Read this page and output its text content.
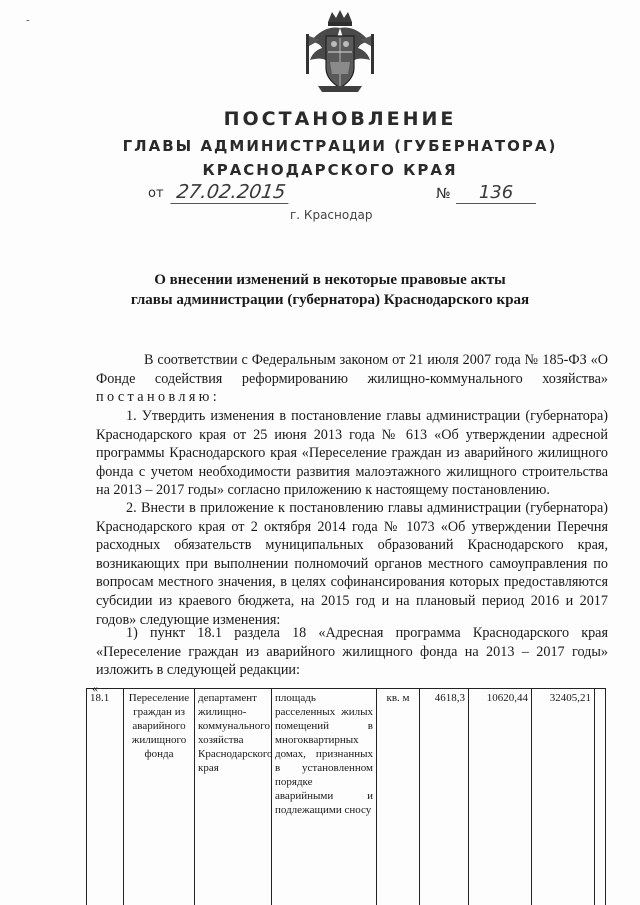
-
ПОСТАНОВЛЕНИЕ
ГЛАВЫ АДМИНИСТРАЦИИ (ГУБЕРНАТОРА)
КРАСНОДАРСКОГО КРАЯ
от 27.02.2015	№	136
г. Краснодар
О внесении изменений в некоторые правовые акты
главы администрации (губернатора) Краснодарского края
В соответствии с Федеральным законом от 21 июля 2007 года № 185-ФЗ «О Фонде содействия реформированию жилищно-коммунального хозяйства» постановляю:
1. Утвердить изменения в постановление главы администрации (губернатора) Краснодарского края от 25 июня 2013 года № 613 «Об утверждении адресной программы Краснодарского края «Переселение граждан из аварийного жилищного фонда с учетом необходимости развития малоэтажного жилищного строительства на 2013 – 2017 годы» согласно приложению к настоящему постановлению.
2. Внести в приложение к постановлению главы администрации (губернатора) Краснодарского края от 2 октября 2014 года № 1073 «Об утверждении Перечня расходных обязательств муниципальных образований Краснодарского края, возникающих при выполнении полномочий органов местного самоуправления по вопросам местного значения, в целях софинансирования которых предоставляются субсидии из краевого бюджета, на 2015 год и на плановый период 2016 и 2017 годов» следующие изменения:
1) пункт 18.1 раздела 18 «Адресная программа Краснодарского края «Переселение граждан из аварийного жилищного фонда на 2013 – 2017 годы» изложить в следующей редакции:
«
18.1	Переселение граждан из аварийного жилищного фонда	департамент жилищно-коммунального хозяйства Краснодарского края	площадь расселенных жилых помещений в многоквартирных домах, признанных в установленном порядке аварийными и подлежащими сносу	кв. м	4618,3	10620,44	32405,21	
